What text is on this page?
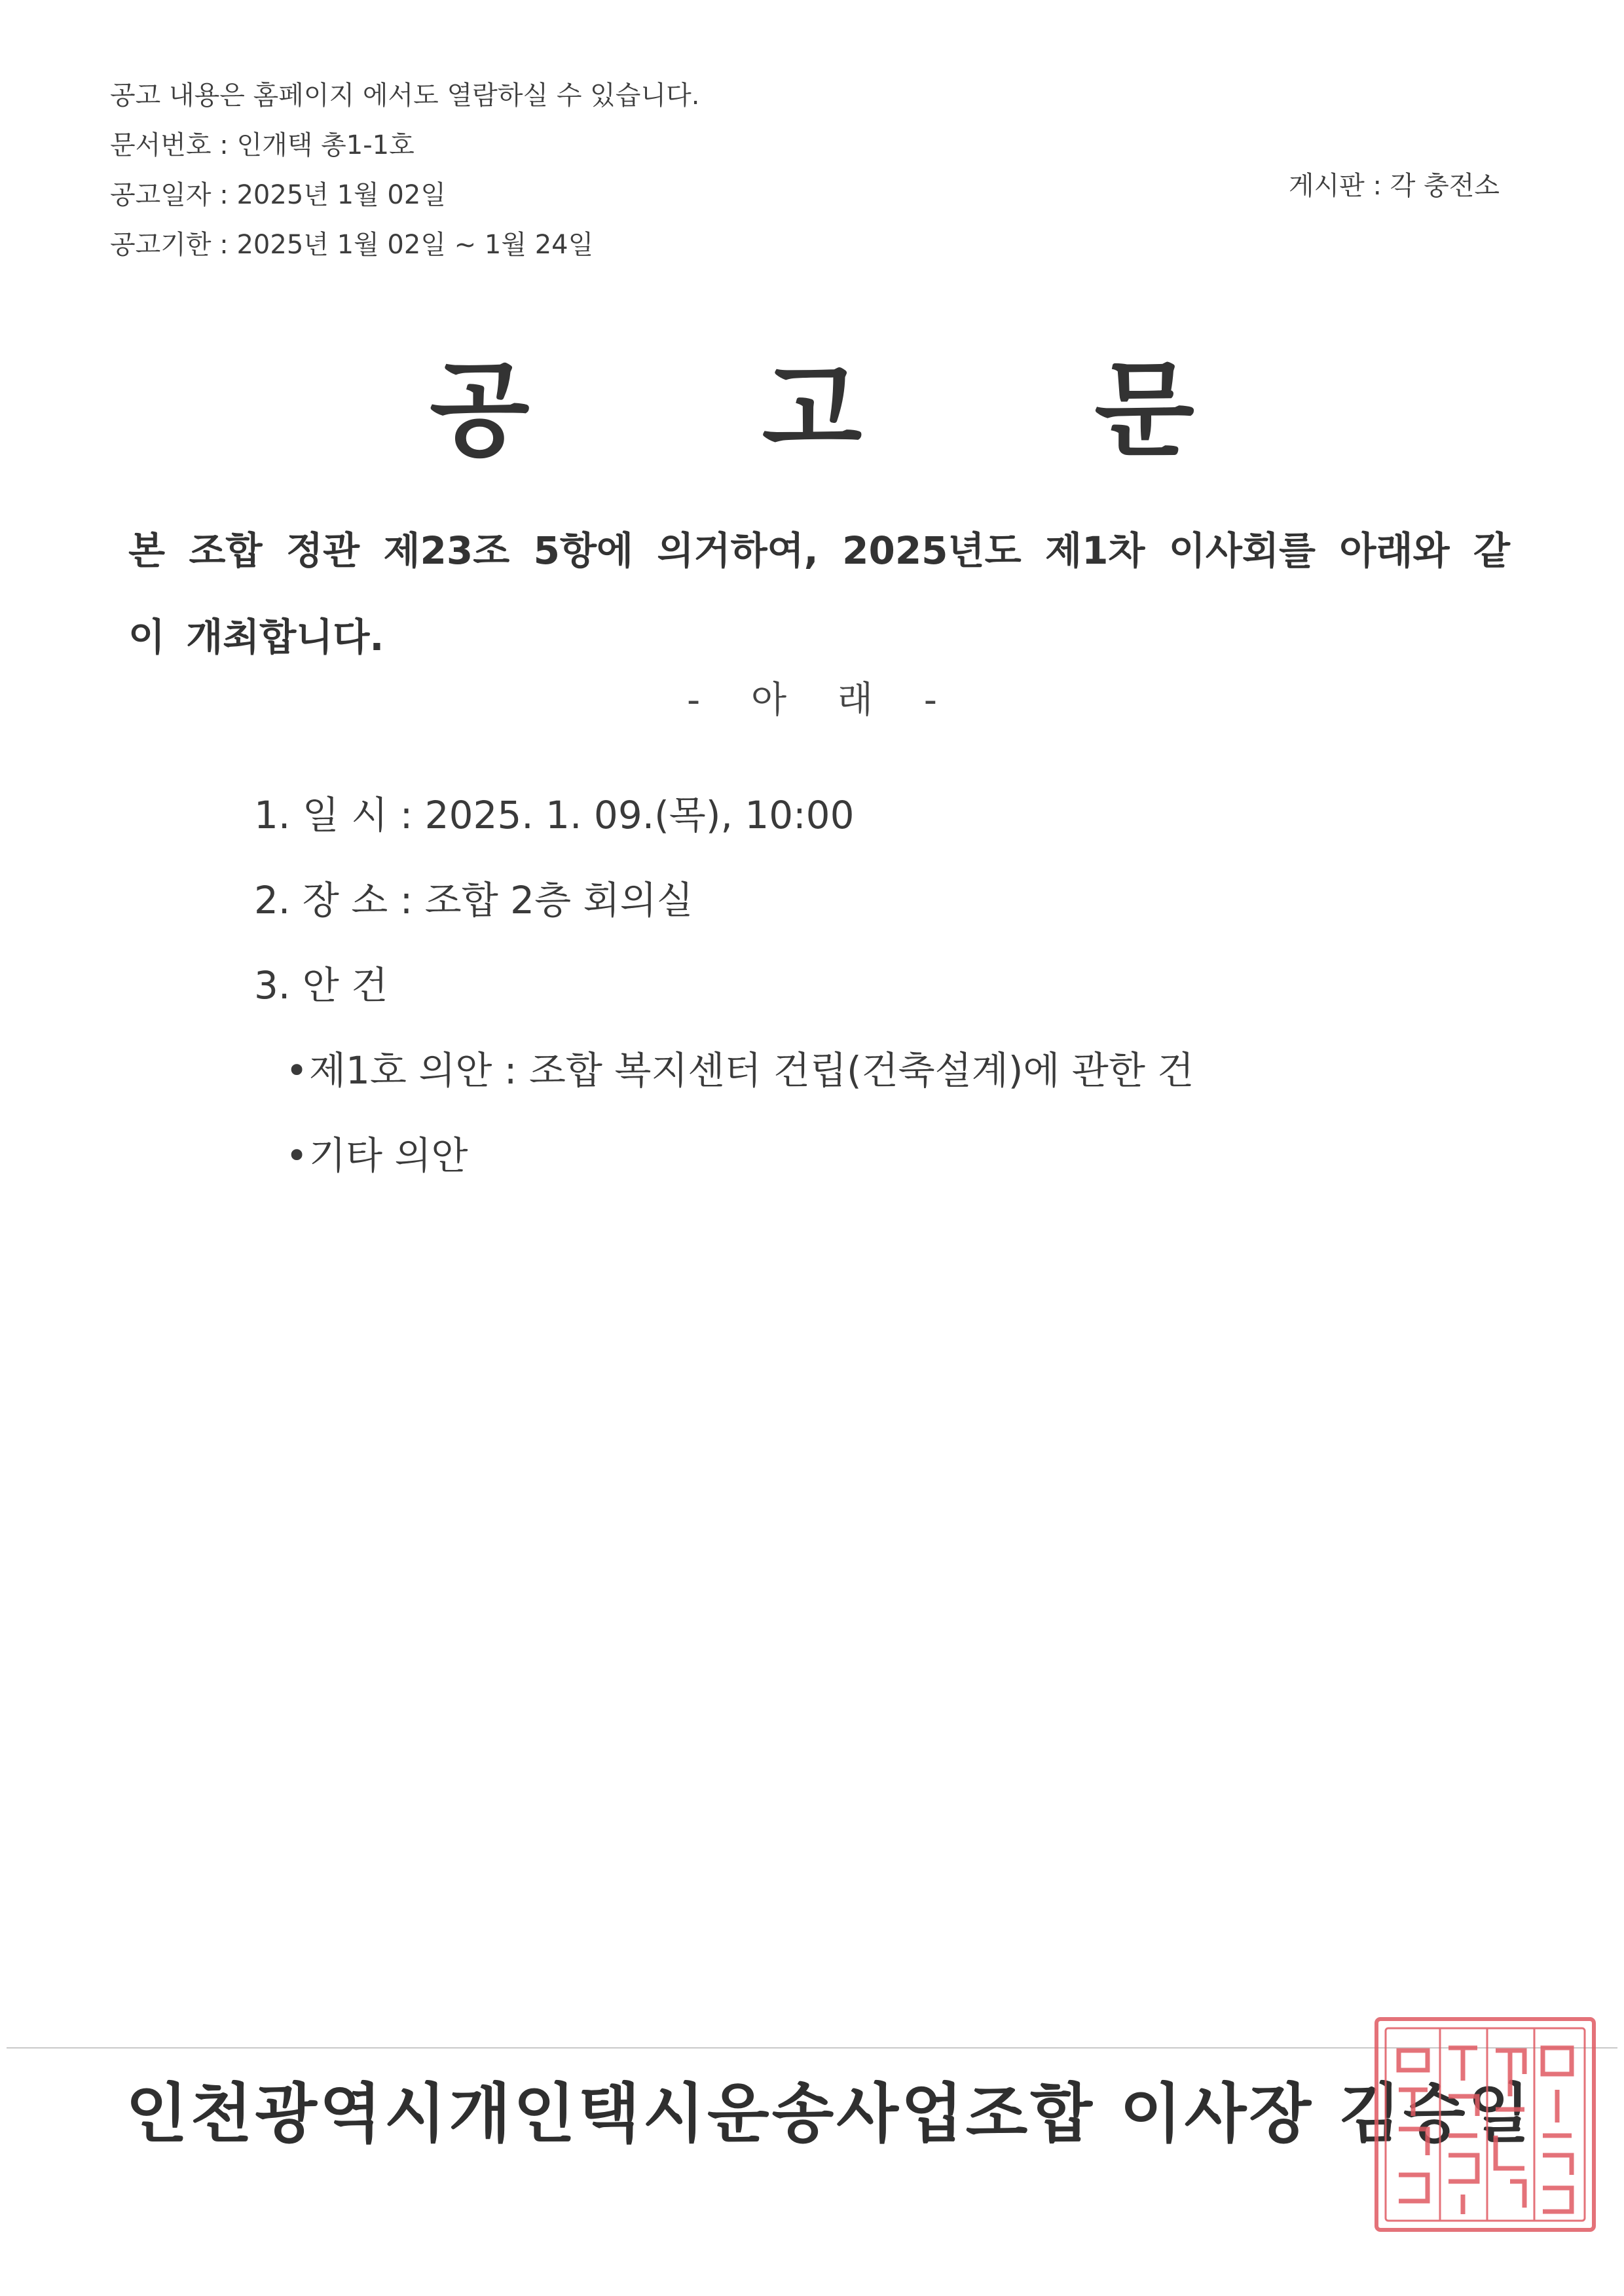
공고 내용은 홈페이지 에서도 열람하실 수 있습니다.
문서번호 : 인개택 총1-1호
공고일자 : 2025년 1월 02일
공고기한 : 2025년 1월 02일 ~ 1월 24일
게시판 : 각 충전소
공 고 문
본 조합 정관 제23조 5항에 의거하여, 2025년도 제1차 이사회를 아래와 같이 개최합니다.
- 아 래 -
1. 일 시 : 2025. 1. 09.(목), 10:00
2. 장 소 : 조합 2층 회의실
3. 안 건
•제1호 의안 : 조합 복지센터 건립(건축설계)에 관한 건
•기타 의안
인천광역시개인택시운송사업조합 이사장 김승일
